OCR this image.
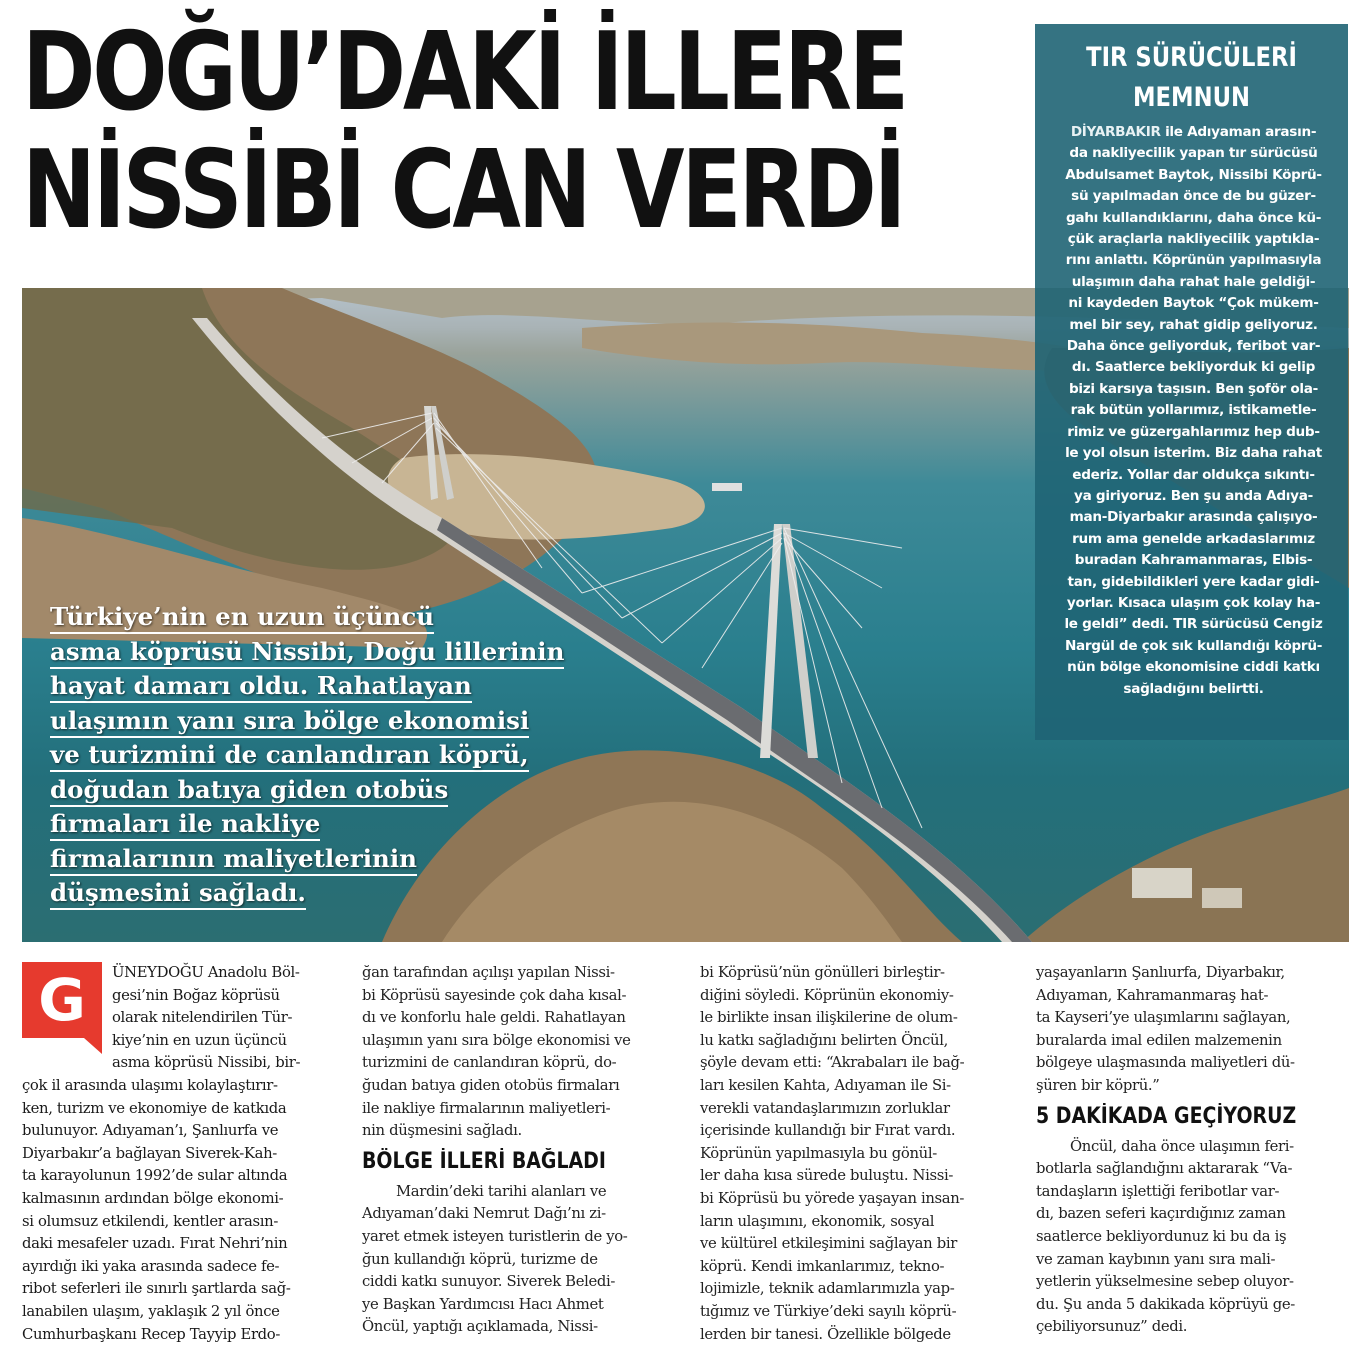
DOĞU’DAKİ İLLERE
NİSSİBİ CAN VERDİ
Türkiye’nin en uzun üçüncü
asma köprüsü Nissibi, Doğu lillerinin
hayat damarı oldu. Rahatlayan
ulaşımın yanı sıra bölge ekonomisi
ve turizmini de canlandıran köprü,
doğudan batıya giden otobüs
firmaları ile nakliye
firmalarının maliyetlerinin
düşmesini sağladı.
TIR SÜRÜCÜLERİ
MEMNUN
DİYARBAKIR ile Adıyaman arasın-
da nakliyecilik yapan tır sürücüsü
Abdulsamet Baytok, Nissibi Köprü-
sü yapılmadan önce de bu güzer-
gahı kullandıklarını, daha önce kü-
çük araçlarla nakliyecilik yaptıkla-
rını anlattı. Köprünün yapılmasıyla
ulaşımın daha rahat hale geldiği-
ni kaydeden Baytok “Çok mükem-
mel bir sey, rahat gidip geliyoruz.
Daha önce geliyorduk, feribot var-
dı. Saatlerce bekliyorduk ki gelip
bizi karsıya taşısın. Ben şoför ola-
rak bütün yollarımız, istikametle-
rimiz ve güzergahlarımız hep dub-
le yol olsun isterim. Biz daha rahat
ederiz. Yollar dar oldukça sıkıntı-
ya giriyoruz. Ben şu anda Adıya-
man-Diyarbakır arasında çalışıyo-
rum ama genelde arkadaslarımız
buradan Kahramanmaras, Elbis-
tan, gidebildikleri yere kadar gidi-
yorlar. Kısaca ulaşım çok kolay ha-
le geldi” dedi. TIR sürücüsü Cengiz
Nargül de çok sık kullandığı köprü-
nün bölge ekonomisine ciddi katkı
sağladığını belirtti.
G	ÜNEYDOĞU Anadolu Böl-
gesi’nin Boğaz köprüsü
olarak nitelendirilen Tür-
kiye’nin en uzun üçüncü
asma köprüsü Nissibi, bir-
çok il arasında ulaşımı kolaylaştırır-
ken, turizm ve ekonomiye de katkıda
bulunuyor. Adıyaman’ı, Şanlıurfa ve
Diyarbakır’a bağlayan Siverek-Kah-
ta karayolunun 1992’de sular altında
kalmasının ardından bölge ekonomi-
si olumsuz etkilendi, kentler arasın-
daki mesafeler uzadı. Fırat Nehri’nin
ayırdığı iki yaka arasında sadece fe-
ribot seferleri ile sınırlı şartlarda sağ-
lanabilen ulaşım, yaklaşık 2 yıl önce
Cumhurbaşkanı Recep Tayyip Erdo-
ğan tarafından açılışı yapılan Nissi-
bi Köprüsü sayesinde çok daha kısal-
dı ve konforlu hale geldi. Rahatlayan
ulaşımın yanı sıra bölge ekonomisi ve
turizmini de canlandıran köprü, do-
ğudan batıya giden otobüs firmaları
ile nakliye firmalarının maliyetleri-
nin düşmesini sağladı.
BÖLGE İLLERİ BAĞLADI
Mardin’deki tarihi alanları ve
Adıyaman’daki Nemrut Dağı’nı zi-
yaret etmek isteyen turistlerin de yo-
ğun kullandığı köprü, turizme de
ciddi katkı sunuyor. Siverek Beledi-
ye Başkan Yardımcısı Hacı Ahmet
Öncül, yaptığı açıklamada, Nissi-
bi Köprüsü’nün gönülleri birleştir-
diğini söyledi. Köprünün ekonomiy-
le birlikte insan ilişkilerine de olum-
lu katkı sağladığını belirten Öncül,
şöyle devam etti: “Akrabaları ile bağ-
ları kesilen Kahta, Adıyaman ile Si-
verekli vatandaşlarımızın zorluklar
içerisinde kullandığı bir Fırat vardı.
Köprünün yapılmasıyla bu gönül-
ler daha kısa sürede buluştu. Nissi-
bi Köprüsü bu yörede yaşayan insan-
ların ulaşımını, ekonomik, sosyal
ve kültürel etkileşimini sağlayan bir
köprü. Kendi imkanlarımız, tekno-
lojimizle, teknik adamlarımızla yap-
tığımız ve Türkiye’deki sayılı köprü-
lerden bir tanesi. Özellikle bölgede
yaşayanların Şanlıurfa, Diyarbakır,
Adıyaman, Kahramanmaraş hat-
ta Kayseri’ye ulaşımlarını sağlayan,
buralarda imal edilen malzemenin
bölgeye ulaşmasında maliyetleri dü-
şüren bir köprü.”
5 DAKİKADA GEÇİYORUZ
Öncül, daha önce ulaşımın feri-
botlarla sağlandığını aktararak “Va-
tandaşların işlettiği feribotlar var-
dı, bazen seferi kaçırdığınız zaman
saatlerce bekliyordunuz ki bu da iş
ve zaman kaybının yanı sıra mali-
yetlerin yükselmesine sebep oluyor-
du. Şu anda 5 dakikada köprüyü ge-
çebiliyorsunuz” dedi.
